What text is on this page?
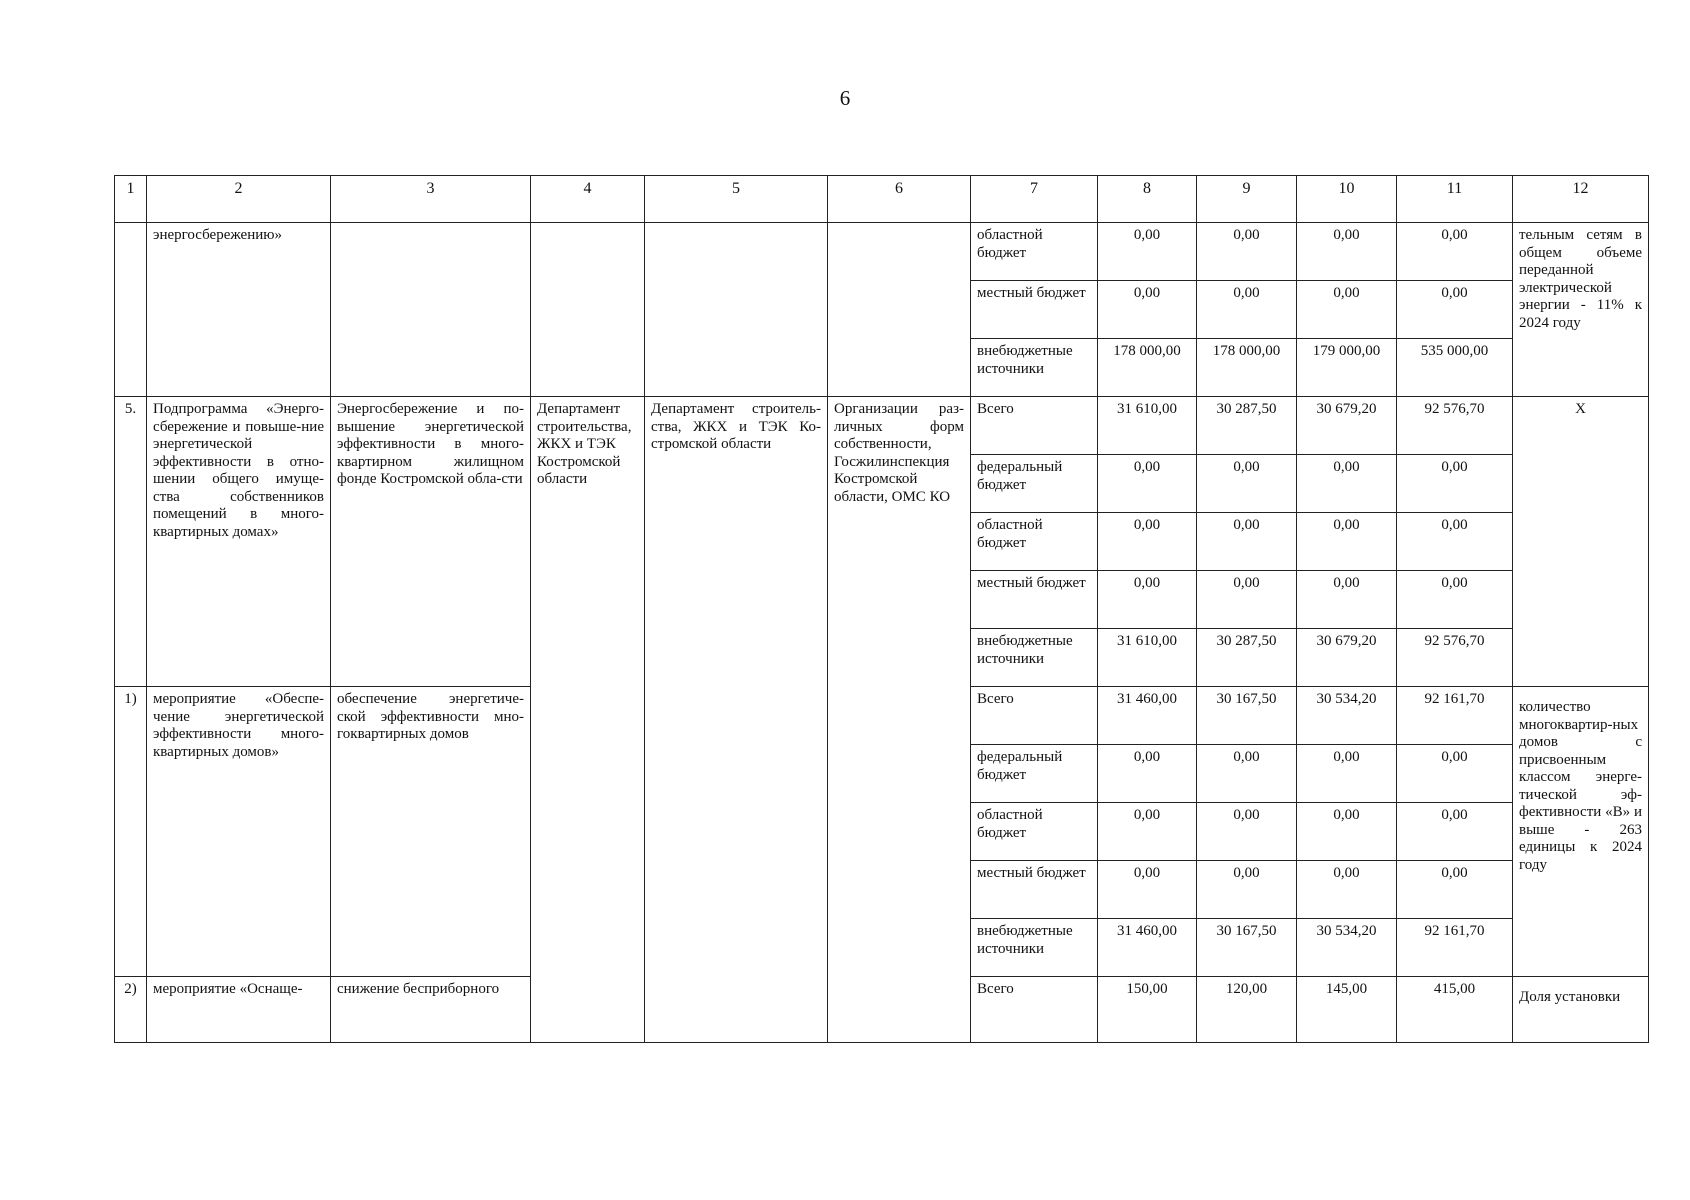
6
1	2	3	4	5	6	7	8	9	10	11	12
	энергосбережению»					областной бюджет	0,00	0,00	0,00	0,00	тельным сетям в общем объеме переданной электрической энергии - 11% к 2024 году
						местный бюджет	0,00	0,00	0,00	0,00	
						внебюджетные источники	178 000,00	178 000,00	179 000,00	535 000,00	
5.	Подпрограмма «Энерго-сбережение и повыше-ние энергетической эффективности в отно-шении общего имуще-ства собственников помещений в много-квартирных домах»	Энергосбережение и по-вышение энергетической эффективности в много-квартирном жилищном фонде Костромской обла-сти	Департамент строительства, ЖКХ и ТЭК Костромской области	Департамент строитель-ства, ЖКХ и ТЭК Ко-стромской области	Организации раз-личных форм собственности, Госжилинспекция Костромской области, ОМС КО	Всего	31 610,00	30 287,50	30 679,20	92 576,70	X
						федеральный бюджет	0,00	0,00	0,00	0,00	
						областной бюджет	0,00	0,00	0,00	0,00	
						местный бюджет	0,00	0,00	0,00	0,00	
						внебюджетные источники	31 610,00	30 287,50	30 679,20	92 576,70	
1)	мероприятие «Обеспе-чение энергетической эффективности много-квартирных домов»	обеспечение энергетиче-ской эффективности мно-гоквартирных домов				Всего	31 460,00	30 167,50	30 534,20	92 161,70	количество многоквартир-ных домов с присвоенным классом энерге-тической эф-фективности «В» и выше - 263 единицы к 2024 году
						федеральный бюджет	0,00	0,00	0,00	0,00	
						областной бюджет	0,00	0,00	0,00	0,00	
						местный бюджет	0,00	0,00	0,00	0,00	
						внебюджетные источники	31 460,00	30 167,50	30 534,20	92 161,70	
2)	мероприятие «Оснаще-	снижение бесприборного				Всего	150,00	120,00	145,00	415,00	Доля установки
